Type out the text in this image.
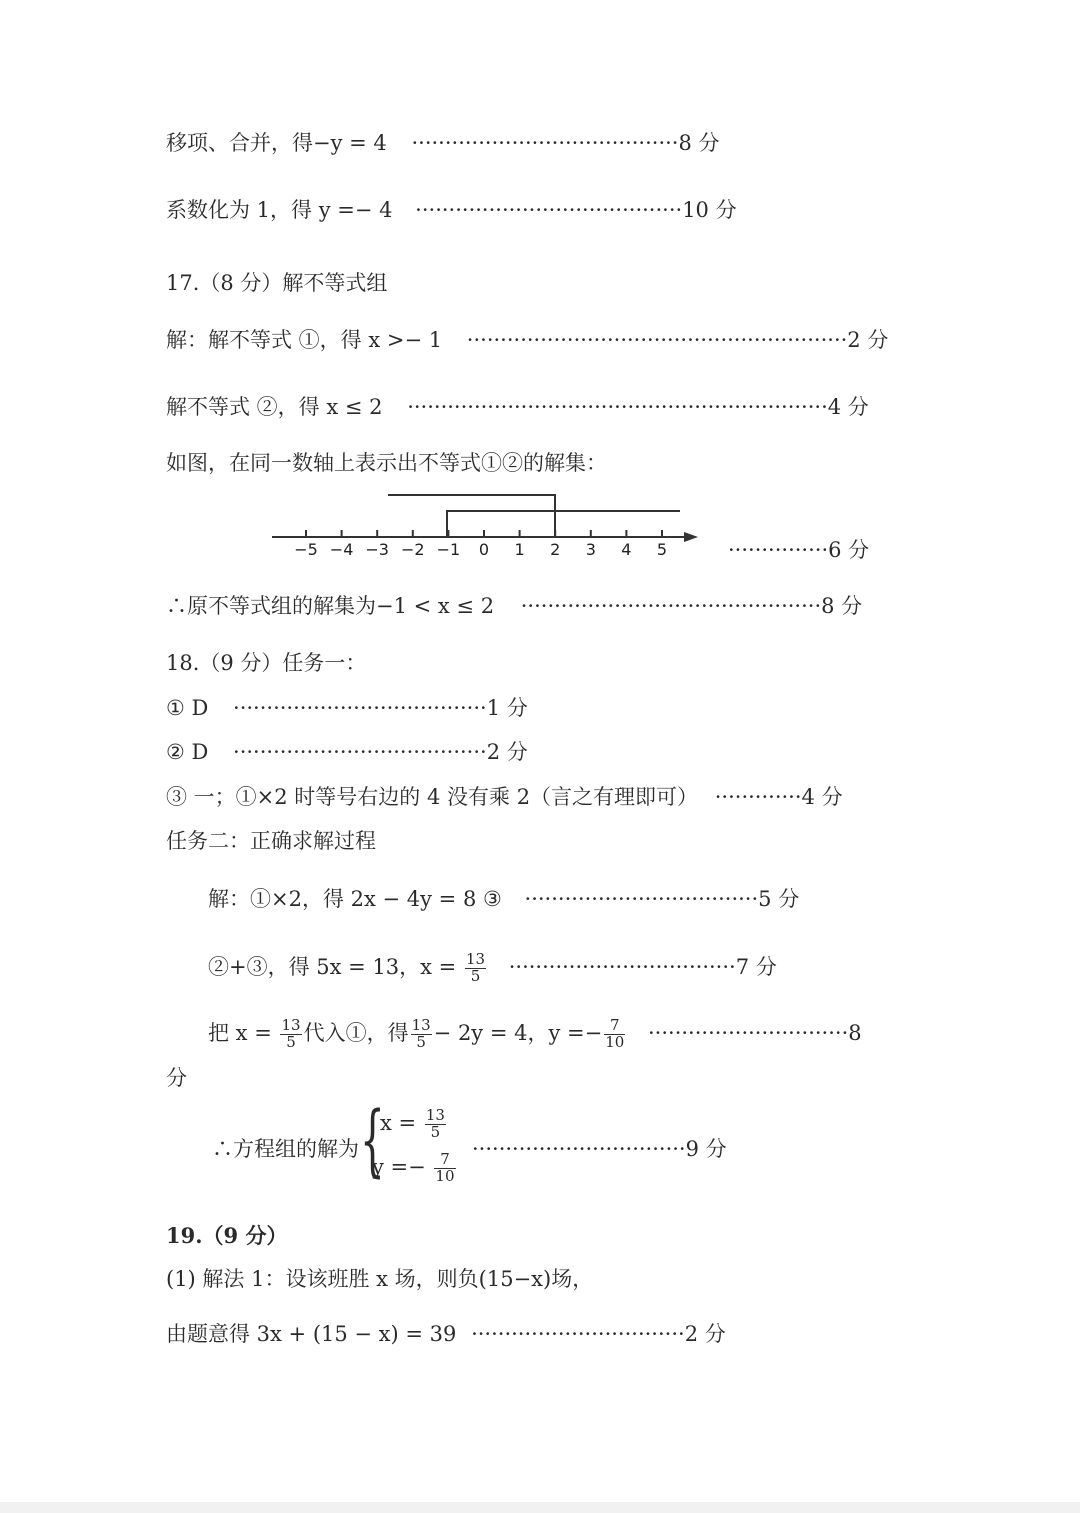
移项、合并，得−y = 4 ········································8 分
系数化为 1，得 y =− 4 ········································10 分
17.（8 分）解不等式组
解：解不等式 ①，得 x >− 1 ·························································2 分
解不等式 ②，得 x ≤ 2 ·······························································4 分
如图，在同一数轴上表示出不等式①②的解集：
−5 −4 −3 −2 −1 0 1 2 3 4 5	···············6 分
∴原不等式组的解集为−1 < x ≤ 2 ·············································8 分
18.（9 分）任务一：
① D ······································1 分
② D ······································2 分
③ 一；①×2 时等号右边的 4 没有乘 2（言之有理即可） ·············4 分
任务二：正确求解过程
解：①×2，得 2x − 4y = 8 ③ ···································5 分
②+③，得 5x = 13，$x = \frac{13}{5} \cdot\cdot\cdot\cdot\cdot\cdot\cdot\cdot\cdot\cdot\cdot\cdot\cdot\cdot\cdot\cdot\cdot\cdot\cdot\cdot\cdot\cdot\cdot\cdot\cdot\cdot\cdot\cdot\cdot\cdot\cdot\cdot\cdot\cdot 7$ 分
把 $x = \frac{13}{5}$ 代入①，得 $\frac{13}{5} - 2y = 4$，$y =- \frac{7}{10} \cdot\cdot\cdot\cdot\cdot\cdot\cdot\cdot\cdot\cdot\cdot\cdot\cdot\cdot\cdot\cdot\cdot\cdot\cdot\cdot\cdot\cdot\cdot\cdot\cdot\cdot\cdot\cdot\cdot\cdot 8$
分
∴方程组的解为 {
$x = \frac{13}{5}$
$y =- \frac{7}{10}$
································9 分
19.（9 分）
(1) 解法 1：设该班胜 x 场，则负(15−x)场，
由题意得 3x + (15 − x) = 39 ································2 分
